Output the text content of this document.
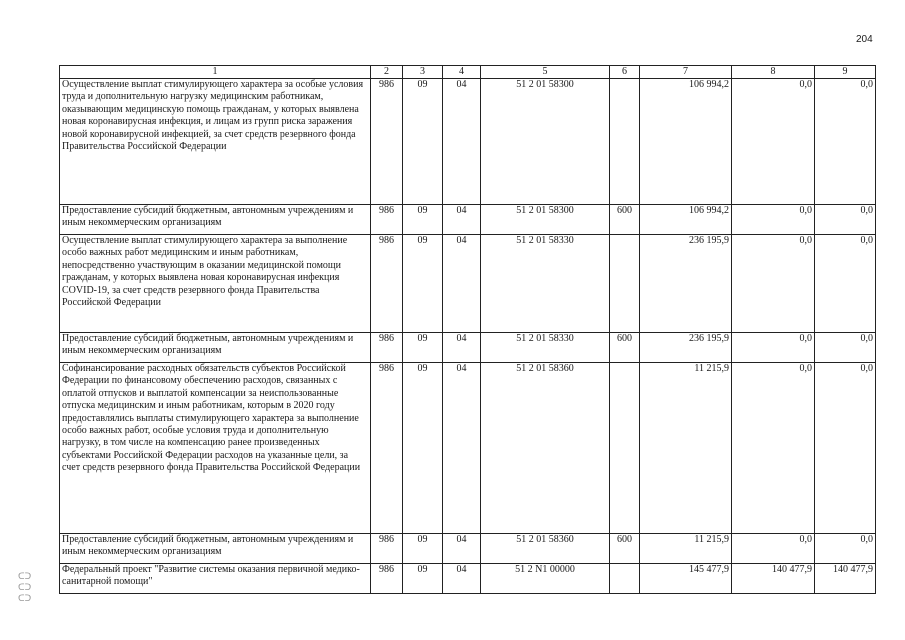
204
1	2	3	4	5	6	7	8	9
Осуществление выплат стимулирующего характера за особые условия труда и дополнительную нагрузку медицинским работникам, оказывающим медицинскую помощь гражданам, у которых выявлена новая коронавирусная инфекция, и лицам из групп риска заражения новой коронавирусной инфекцией, за счет средств резервного фонда Правительства Российской Федерации	986	09	04	51 2 01 58300		106 994,2	0,0	0,0
Предоставление субсидий бюджетным, автономным учреждениям и иным некоммерческим организациям	986	09	04	51 2 01 58300	600	106 994,2	0,0	0,0
Осуществление выплат стимулирующего характера за выполнение особо важных работ медицинским и иным работникам, непосредственно участвующим в оказании медицинской помощи гражданам, у которых выявлена новая коронавирусная инфекция COVID-19, за счет средств резервного фонда Правительства Российской Федерации	986	09	04	51 2 01 58330		236 195,9	0,0	0,0
Предоставление субсидий бюджетным, автономным учреждениям и иным некоммерческим организациям	986	09	04	51 2 01 58330	600	236 195,9	0,0	0,0
Софинансирование расходных обязательств субъектов Российской Федерации по финансовому обеспечению расходов, связанных с оплатой отпусков и выплатой компенсации за неиспользованные отпуска медицинским и иным работникам, которым в 2020 году предоставлялись выплаты стимулирующего характера за выполнение особо важных работ, особые условия труда и дополнительную нагрузку, в том числе на компенсацию ранее произведенных субъектами Российской Федерации расходов на указанные цели, за счет средств резервного фонда Правительства Российской Федерации	986	09	04	51 2 01 58360		11 215,9	0,0	0,0
Предоставление субсидий бюджетным, автономным учреждениям и иным некоммерческим организациям	986	09	04	51 2 01 58360	600	11 215,9	0,0	0,0
Федеральный проект "Развитие системы оказания первичной медико-санитарной помощи"	986	09	04	51 2 N1 00000		145 477,9	140 477,9	140 477,9
ᑕᑐ
ᑕᑐ
ᑕᑐ
